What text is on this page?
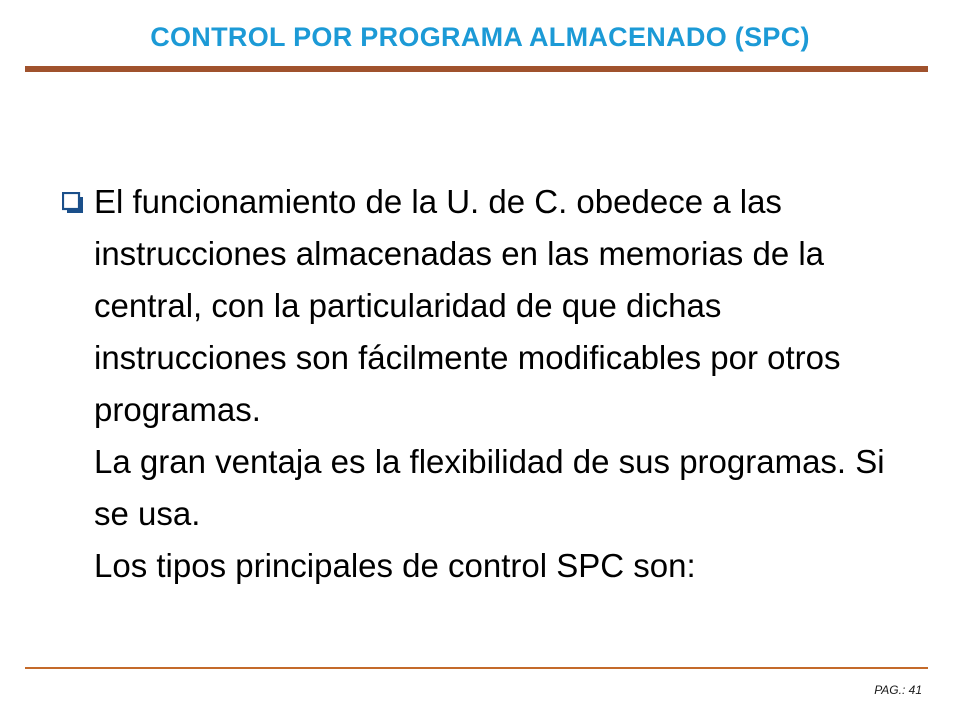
CONTROL POR PROGRAMA ALMACENADO (SPC)
El funcionamiento de la U. de C. obedece a las instrucciones almacenadas en las memorias de la central, con la particularidad de que dichas instrucciones son fácilmente modificables por otros programas.
La gran ventaja es la flexibilidad de sus programas. Si se usa.
Los tipos principales de control SPC son:
PAG.: 41
